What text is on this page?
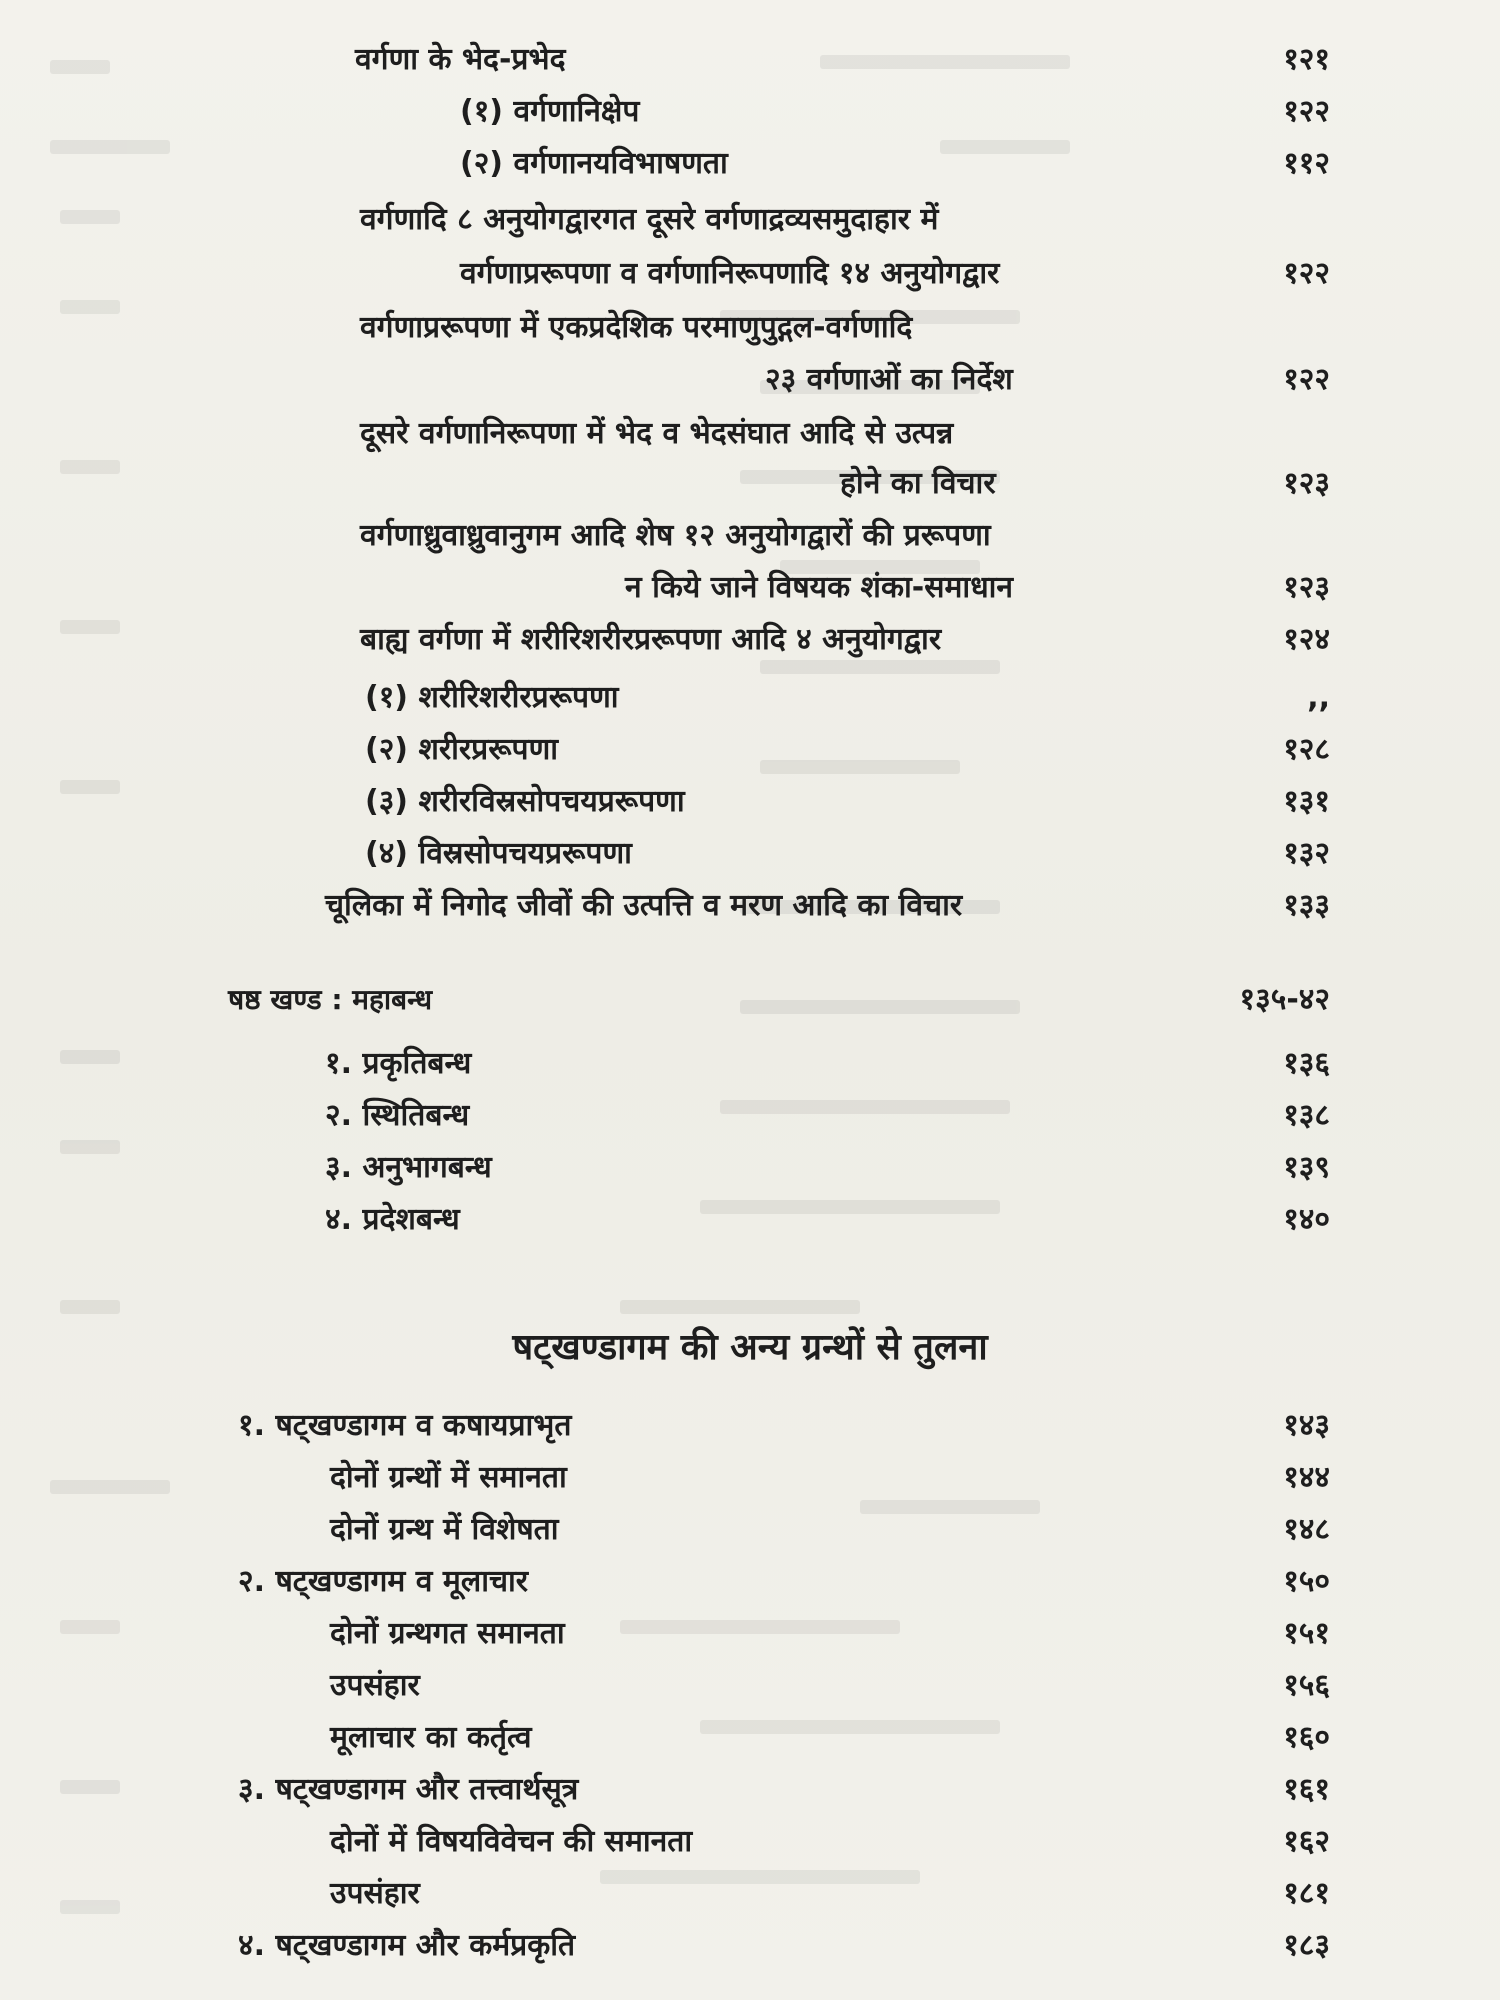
वर्गणा के भेद-प्रभेद	१२१
(१) वर्गणानिक्षेप	१२२
(२) वर्गणानयविभाषणता	११२
वर्गणादि ८ अनुयोगद्वारगत दूसरे वर्गणाद्रव्यसमुदाहार में
वर्गणाप्ररूपणा व वर्गणानिरूपणादि १४ अनुयोगद्वार	१२२
वर्गणाप्ररूपणा में एकप्रदेशिक परमाणुपुद्गल-वर्गणादि
२३ वर्गणाओं का निर्देश	१२२
दूसरे वर्गणानिरूपणा में भेद व भेदसंघात आदि से उत्पन्न
होने का विचार	१२३
वर्गणाध्रुवाध्रुवानुगम आदि शेष १२ अनुयोगद्वारों की प्ररूपणा
न किये जाने विषयक शंका-समाधान	१२३
बाह्य वर्गणा में शरीरिशरीरप्ररूपणा आदि ४ अनुयोगद्वार	१२४
(१) शरीरिशरीरप्ररूपणा	,,
(२) शरीरप्ररूपणा	१२८
(३) शरीरविस्रसोपचयप्ररूपणा	१३१
(४) विस्रसोपचयप्ररूपणा	१३२
चूलिका में निगोद जीवों की उत्पत्ति व मरण आदि का विचार	१३३
षष्ठ खण्ड : महाबन्ध	१३५-४२
१. प्रकृतिबन्ध	१३६
२. स्थितिबन्ध	१३८
३. अनुभागबन्ध	१३९
४. प्रदेशबन्ध	१४०
षट्खण्डागम की अन्य ग्रन्थों से तुलना
१. षट्खण्डागम व कषायप्राभृत	१४३
दोनों ग्रन्थों में समानता	१४४
दोनों ग्रन्थ में विशेषता	१४८
२. षट्खण्डागम व मूलाचार	१५०
दोनों ग्रन्थगत समानता	१५१
उपसंहार	१५६
मूलाचार का कर्तृत्व	१६०
३. षट्खण्डागम और तत्त्वार्थसूत्र	१६१
दोनों में विषयविवेचन की समानता	१६२
उपसंहार	१८१
४. षट्खण्डागम और कर्मप्रकृति	१८३
